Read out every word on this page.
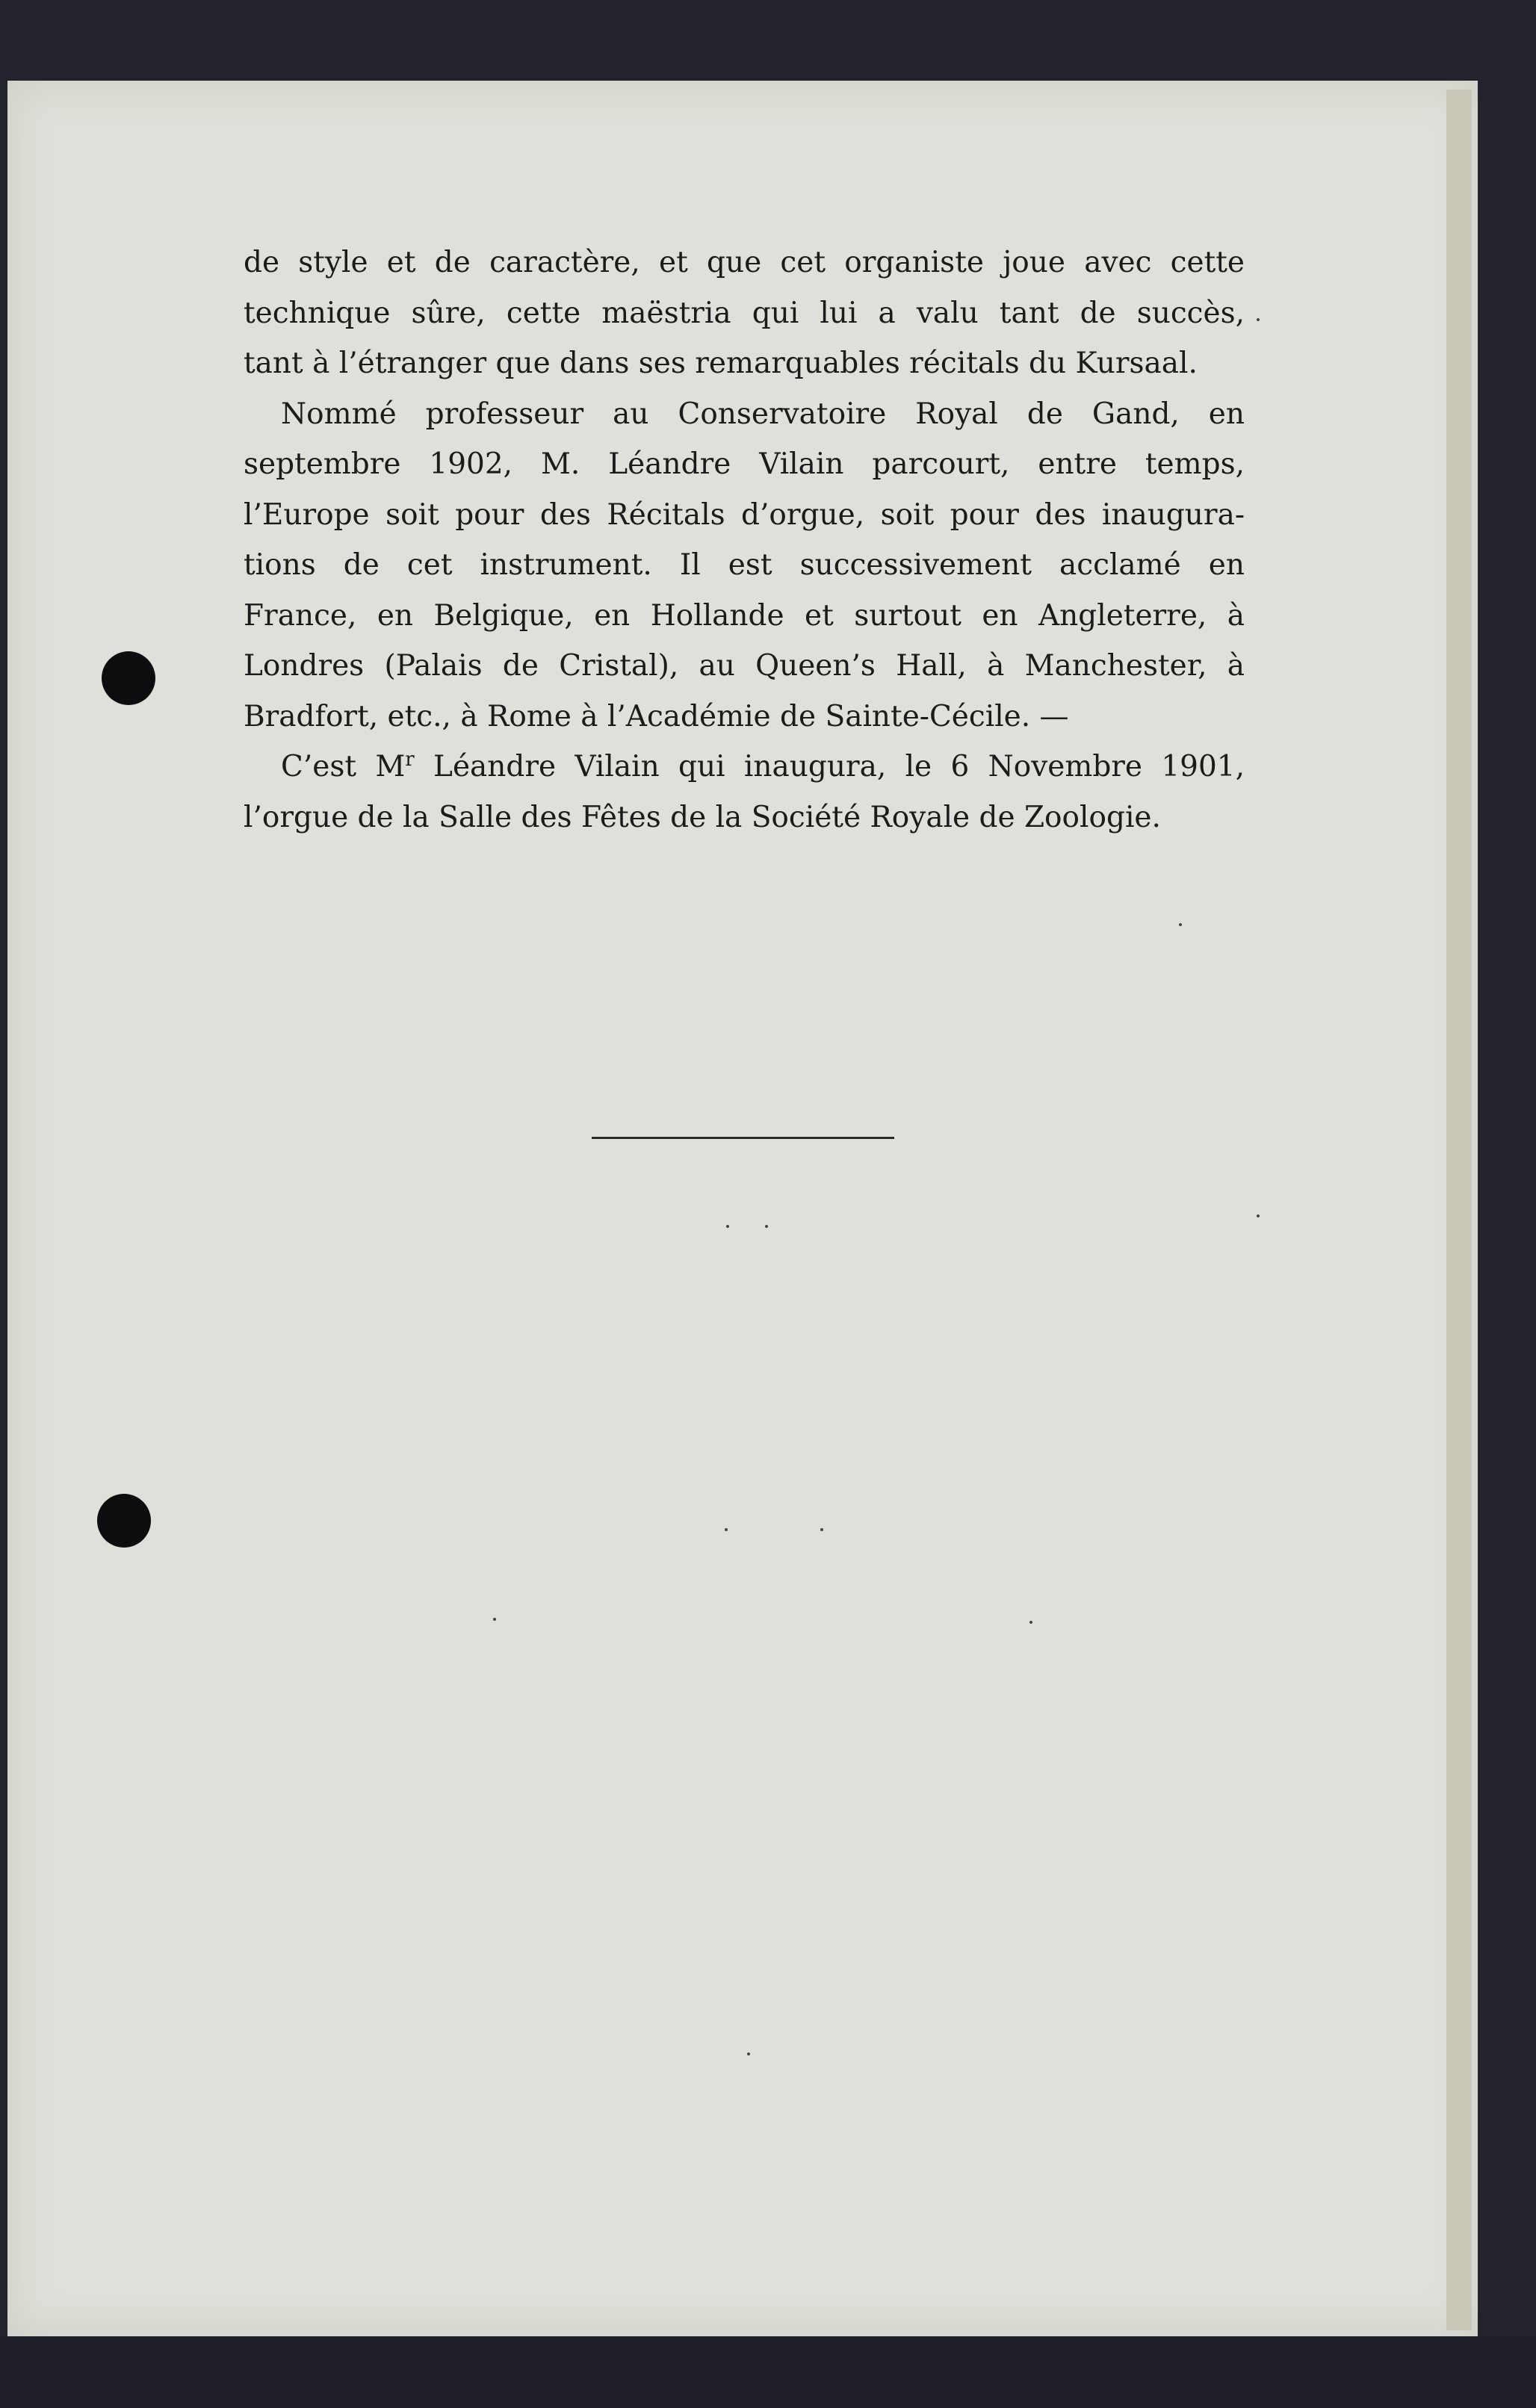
de style et de caractère, et que cet organiste joue avec cette
technique sûre, cette maëstria qui lui a valu tant de succès,
tant à l’étranger que dans ses remarquables récitals du Kursaal.
Nommé professeur au Conservatoire Royal de Gand, en
septembre 1902, M. Léandre Vilain parcourt, entre temps,
l’Europe soit pour des Récitals d’orgue, soit pour des inaugura-
tions de cet instrument. Il est successivement acclamé en
France, en Belgique, en Hollande et surtout en Angleterre, à
Londres (Palais de Cristal), au Queen’s Hall, à Manchester, à
Bradfort, etc., à Rome à l’Académie de Sainte-Cécile. —
C’est $M^r$ Léandre Vilain qui inaugura, le 6 Novembre 1901,
l’orgue de la Salle des Fêtes de la Société Royale de Zoologie.
